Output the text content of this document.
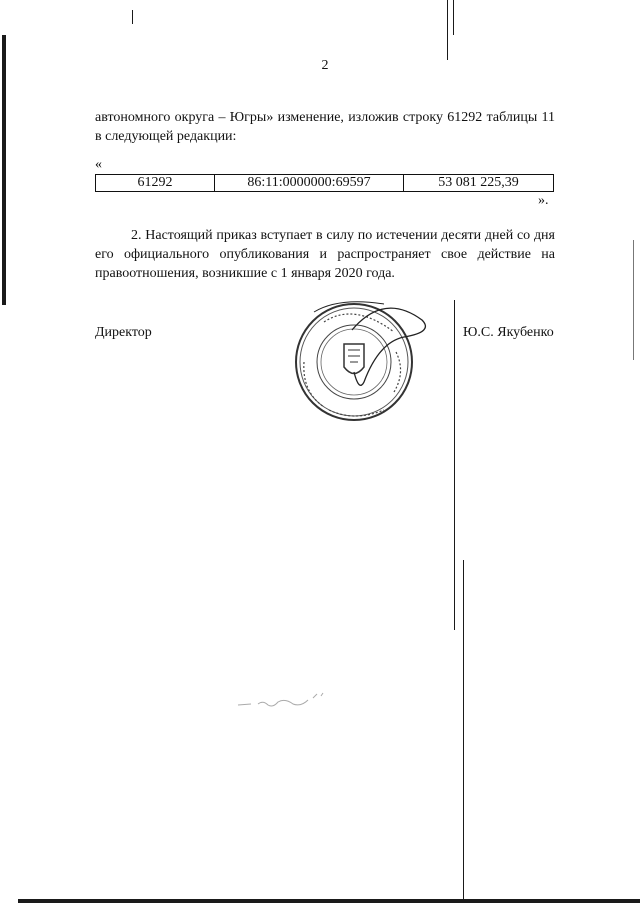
2
автономного округа – Югры» изменение, изложив строку 61292 таблицы 11 в следующей редакции:
«
61292	86:11:0000000:69597	53 081 225,39
».
2. Настоящий приказ вступает в силу по истечении десяти дней со дня его официального опубликования и распространяет свое действие на правоотношения, возникшие с 1 января 2020 года.
Директор	Ю.С. Якубенко
